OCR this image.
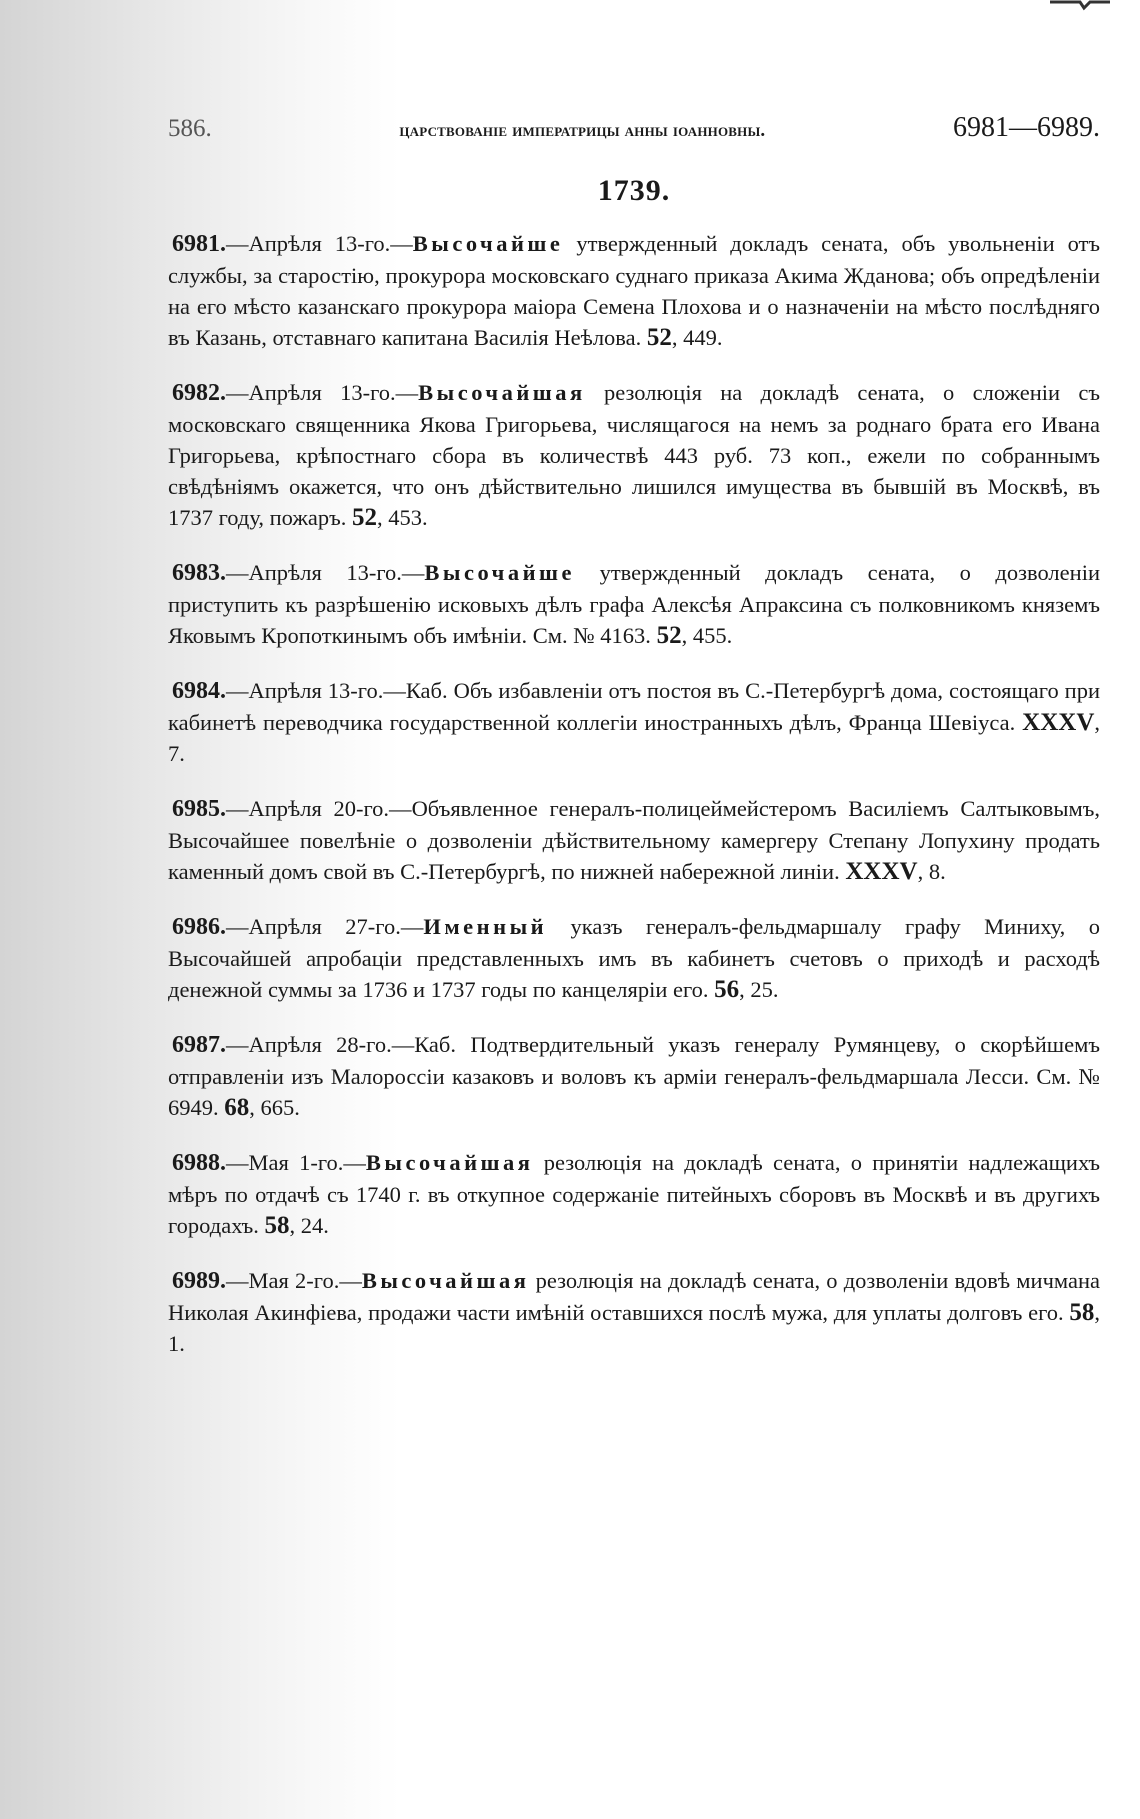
586.	царствованіе императрицы анны іоанновны.	6981—6989.
1739.

6981.—Апрѣля 13-го.—Высочайше утвержденный докладъ сената, объ увольненіи отъ службы, за старостію, прокурора московскаго суднаго приказа Акима Жданова; объ опредѣленіи на его мѣсто казанскаго прокурора маіора Семена Плохова и о назначеніи на мѣсто послѣдняго въ Казань, отставнаго капитана Василія Неѣлова. 52, 449.

6982.—Апрѣля 13-го.—Высочайшая резолюція на докладѣ сената, о сложеніи съ московскаго священника Якова Григорьева, числящагося на немъ за роднаго брата его Ивана Григорьева, крѣпостнаго сбора въ количествѣ 443 руб. 73 коп., ежели по собраннымъ свѣдѣніямъ окажется, что онъ дѣйствительно лишился имущества въ бывшій въ Москвѣ, въ 1737 году, пожаръ. 52, 453.

6983.—Апрѣля 13-го.—Высочайше утвержденный докладъ сената, о дозволеніи приступить къ разрѣшенію исковыхъ дѣлъ графа Алексѣя Апраксина съ полковникомъ княземъ Яковымъ Кропоткинымъ объ имѣніи. См. № 4163. 52, 455.

6984.—Апрѣля 13-го.—Каб. Объ избавленіи отъ постоя въ С.-Петербургѣ дома, состоящаго при кабинетѣ переводчика государственной коллегіи иностранныхъ дѣлъ, Франца Шевіуса. XXXV, 7.

6985.—Апрѣля 20-го.—Объявленное генералъ-полицеймейстеромъ Василіемъ Салтыковымъ, Высочайшее повелѣніе о дозволеніи дѣйствительному камергеру Степану Лопухину продать каменный домъ свой въ С.-Петербургѣ, по нижней набережной линіи. XXXV, 8.

6986.—Апрѣля 27-го.—Именный указъ генералъ-фельдмаршалу графу Миниху, о Высочайшей апробаціи представленныхъ имъ въ кабинетъ счетовъ о приходѣ и расходѣ денежной суммы за 1736 и 1737 годы по канцеляріи его. 56, 25.

6987.—Апрѣля 28-го.—Каб. Подтвердительный указъ генералу Румянцеву, о скорѣйшемъ отправленіи изъ Малороссіи казаковъ и воловъ къ арміи генералъ-фельдмаршала Лесси. См. № 6949. 68, 665.

6988.—Мая 1-го.—Высочайшая резолюція на докладѣ сената, о принятіи надлежащихъ мѣръ по отдачѣ съ 1740 г. въ откупное содержаніе питейныхъ сборовъ въ Москвѣ и въ другихъ городахъ. 58, 24.

6989.—Мая 2-го.—Высочайшая резолюція на докладѣ сената, о дозволеніи вдовѣ мичмана Николая Акинфіева, продажи части имѣній оставшихся послѣ мужа, для уплаты долговъ его. 58, 1.
